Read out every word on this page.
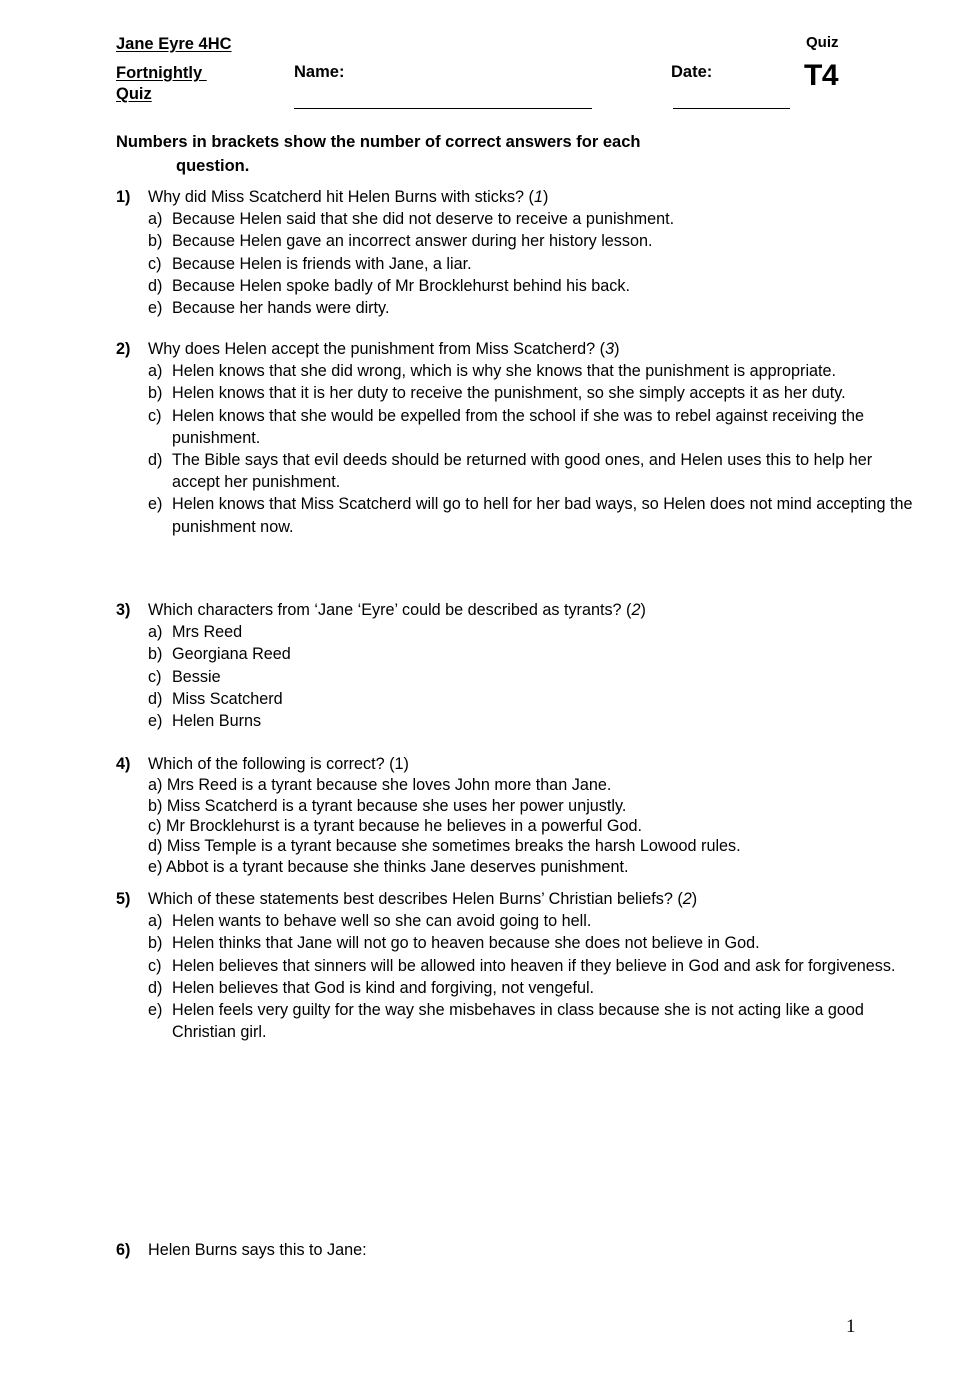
Jane Eyre 4HC
Fortnightly
Quiz
Name:	Date:
Quiz
T4
Numbers in brackets show the number of correct answers for each
question.
1) Why did Miss Scatcherd hit Helen Burns with sticks? (1)
a) Because Helen said that she did not deserve to receive a punishment.
b) Because Helen gave an incorrect answer during her history lesson.
c) Because Helen is friends with Jane, a liar.
d) Because Helen spoke badly of Mr Brocklehurst behind his back.
e) Because her hands were dirty.
2) Why does Helen accept the punishment from Miss Scatcherd? (3)
a) Helen knows that she did wrong, which is why she knows that the punishment is appropriate.
b) Helen knows that it is her duty to receive the punishment, so she simply accepts it as her duty.
c) Helen knows that she would be expelled from the school if she was to rebel against receiving the punishment.
d) The Bible says that evil deeds should be returned with good ones, and Helen uses this to help her accept her punishment.
e) Helen knows that Miss Scatcherd will go to hell for her bad ways, so Helen does not mind accepting the punishment now.
3) Which characters from ‘Jane ‘Eyre’ could be described as tyrants? (2)
a) Mrs Reed
b) Georgiana Reed
c) Bessie
d) Miss Scatcherd
e) Helen Burns
4) Which of the following is correct? (1)
a) Mrs Reed is a tyrant because she loves John more than Jane.
b) Miss Scatcherd is a tyrant because she uses her power unjustly.
c) Mr Brocklehurst is a tyrant because he believes in a powerful God.
d) Miss Temple is a tyrant because she sometimes breaks the harsh Lowood rules.
e) Abbot is a tyrant because she thinks Jane deserves punishment.
5) Which of these statements best describes Helen Burns’ Christian beliefs? (2)
a) Helen wants to behave well so she can avoid going to hell.
b) Helen thinks that Jane will not go to heaven because she does not believe in God.
c) Helen believes that sinners will be allowed into heaven if they believe in God and ask for forgiveness.
d) Helen believes that God is kind and forgiving, not vengeful.
e) Helen feels very guilty for the way she misbehaves in class because she is not acting like a good Christian girl.
6) Helen Burns says this to Jane:
1
